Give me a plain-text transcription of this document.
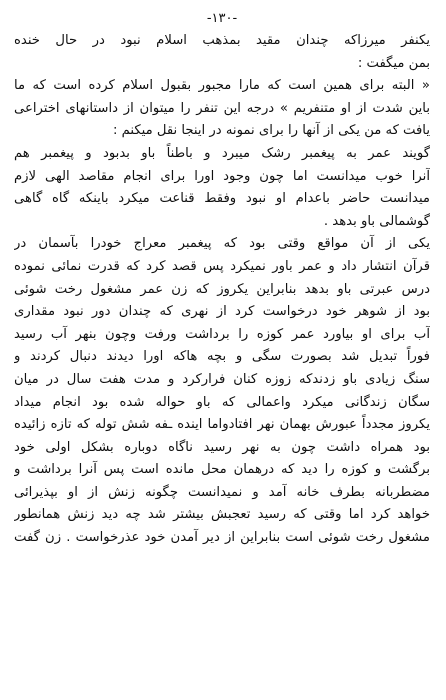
-۱۳۰-
یکنفر میرزاکه چندان مقید بمذهب اسلام نبود در حال خنده
بمن میگفت :
« البته برای همین است که مارا مجبور بقبول اسلام کرده است که ما
باین شدت از او متنفریم » درجه این تنفر را میتوان از داستانهای اختراعی
یافت که من یکی از آنها را برای نمونه در اینجا نقل میکنم :
گویند عمر به پیغمبر رشک میبرد و باطناً باو بدبود و پیغمبر هم
آنرا خوب میدانست اما چون وجود اورا برای انجام مقاصد الهی لازم
میدانست حاضر باعدام او نبود وفقط قناعت میکرد باینکه گاه گاهی
گوشمالی باو بدهد .
یکی از آن مواقع وقتی بود که پیغمبر معراج خودرا بآسمان در
قرآن انتشار داد و عمر باور نمیکرد پس قصد کرد که قدرت نمائی نموده
درس عبرتی باو بدهد بنابراین یکروز که زن عمر مشغول رخت شوئی
بود از شوهر خود درخواست کرد از نهری که چندان دور نبود مقداری
آب برای او بیاورد عمر کوزه را برداشت ورفت وچون بنهر آب رسید
فوراً تبدیل شد بصورت سگی و بچه هاکه اورا دیدند دنبال کردند و
سنگ زیادی باو زدندکه زوزه کنان فرارکرد و مدت هفت سال در میان
سگان زندگانی میکرد واعمالی که باو حواله شده بود انجام میداد
یکروز مجدداً عبورش بهمان نهر افتادواما اینده ـفه شش توله که تازه زائیده
بود همراه داشت چون به نهر رسید ناگاه دوباره بشکل اولی خود
برگشت و کوزه را دید که درهمان محل مانده است پس آنرا برداشت و
مضطربانه بطرف خانه آمد و نمیدانست چگونه زنش از او بپذیرائی
خواهد کرد اما وقتی که رسید تعجبش بیشتر شد چه دید زنش همانطور
مشغول رخت شوئی است بنابراین از دیر آمدن خود عذرخواست . زن گفت
